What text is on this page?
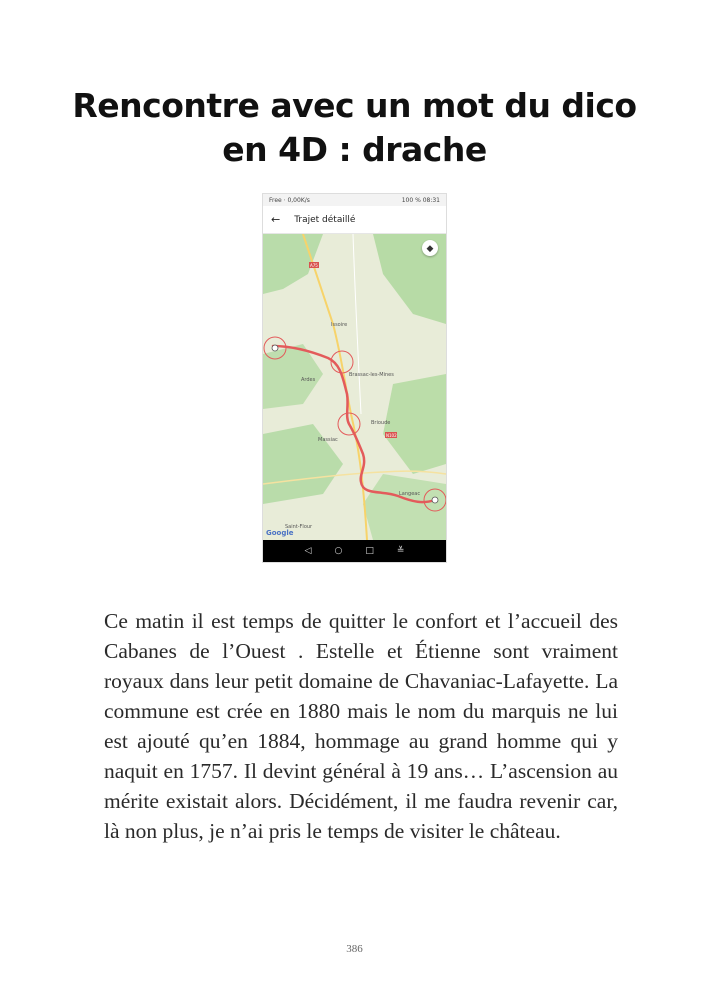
Rencontre avec un mot du dico
en 4D : drache
Free ⋅ 0,00K/s	100 % 08:31
← Trajet détaillé
A75
N102
Issoire
Brassac-les-Mines
Ardes
Brioude
Massiac
Langeac
Saint-Flour
Google
◆
◁	○	□	≚

Ce matin il est temps de quitter le confort et l’accueil des Cabanes de l’Ouest . Estelle et Étienne sont vraiment royaux dans leur petit domaine de Chavaniac-Lafayette. La commune est crée en 1880 mais le nom du marquis ne lui est ajouté qu’en 1884, hommage au grand homme qui y naquit en 1757. Il devint général à 19 ans… L’ascension au mérite existait alors. Décidément, il me faudra revenir car, là non plus, je n’ai pris le temps de visiter le château.

386
